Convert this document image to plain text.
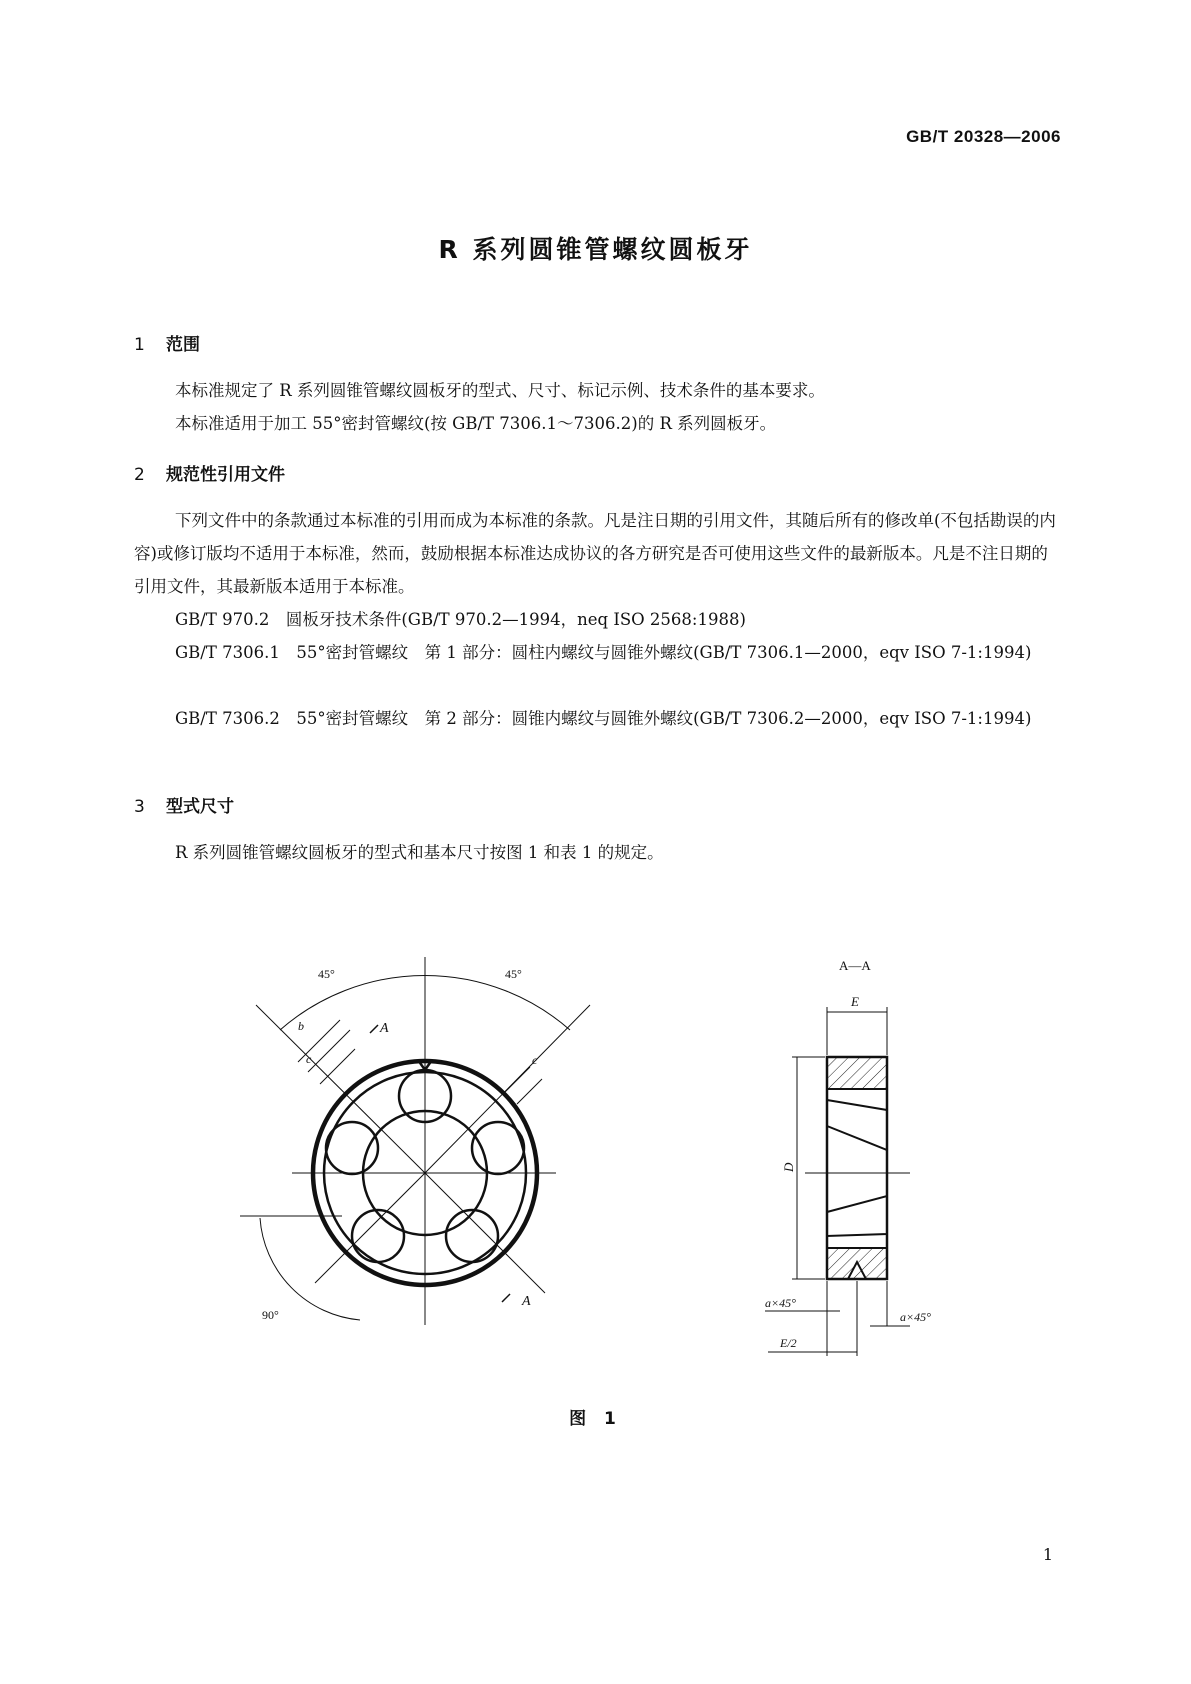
GB/T 20328—2006
R 系列圆锥管螺纹圆板牙
1 范围
本标准规定了 R 系列圆锥管螺纹圆板牙的型式、尺寸、标记示例、技术条件的基本要求。
本标准适用于加工 55°密封管螺纹(按 GB/T 7306.1～7306.2)的 R 系列圆板牙。
2 规范性引用文件
下列文件中的条款通过本标准的引用而成为本标准的条款。凡是注日期的引用文件，其随后所有的修改单(不包括勘误的内容)或修订版均不适用于本标准，然而，鼓励根据本标准达成协议的各方研究是否可使用这些文件的最新版本。凡是不注日期的引用文件，其最新版本适用于本标准。
GB/T 970.2　圆板牙技术条件(GB/T 970.2—1994，neq ISO 2568:1988)
GB/T 7306.1　55°密封管螺纹　第 1 部分：圆柱内螺纹与圆锥外螺纹(GB/T 7306.1—2000，eqv ISO 7-1:1994)
GB/T 7306.2　55°密封管螺纹　第 2 部分：圆锥内螺纹与圆锥外螺纹(GB/T 7306.2—2000，eqv ISO 7-1:1994)
3 型式尺寸
R 系列圆锥管螺纹圆板牙的型式和基本尺寸按图 1 和表 1 的规定。
45°	45°
A
b
c	c
A
90°
A—A
E
D
a×45°
a×45°
E/2
图 1
1
